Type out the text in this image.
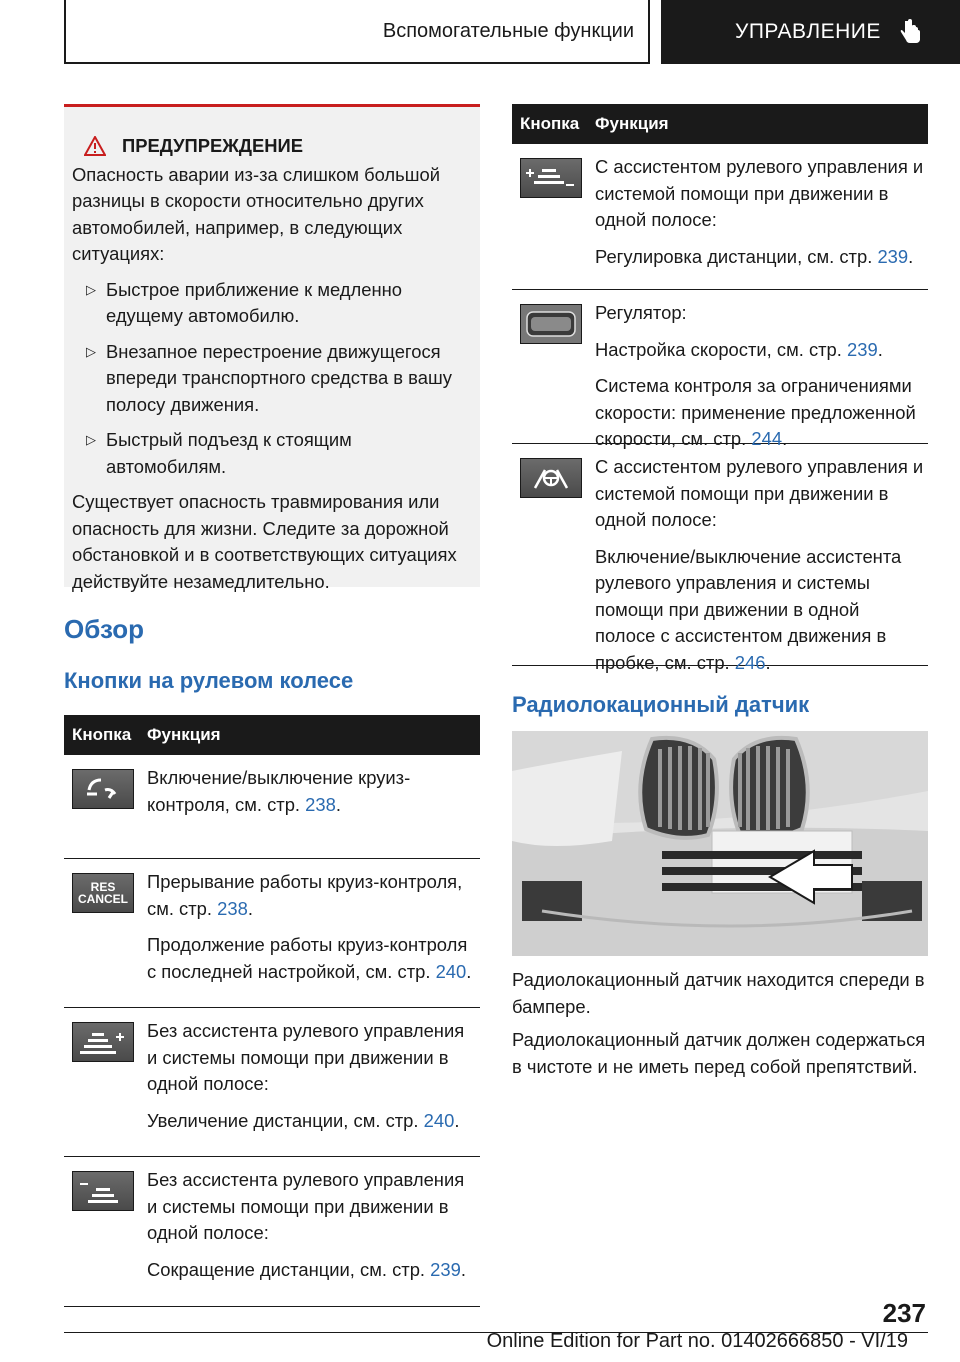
Вспомогательные функции	УПРАВЛЕНИЕ
ПРЕДУПРЕЖДЕНИЕ

Опасность аварии из-за слишком большой разницы в скорости относительно других автомобилей, например, в следующих ситуациях:

▷ Быстрое приближение к медленно едущему автомобилю.
▷ Внезапное перестроение движущегося впереди транспортного средства в вашу полосу движения.
▷ Быстрый подъезд к стоящим автомобилям.

Существует опасность травмирования или опасность для жизни. Следите за дорожной обстановкой и в соответствующих ситуациях действуйте незамедлительно.

Обзор
Кнопки на рулевом колесе
Кнопка Функция

Включение/выключение круиз-контроля, см. стр. 238.

RES
CANCEL

Прерывание работы круиз-контроля, см. стр. 238.

Продолжение работы круиз-контроля с последней настройкой, см. стр. 240.

Без ассистента рулевого управления и системы помощи при движении в одной полосе:

Увеличение дистанции, см. стр. 240.

Без ассистента рулевого управления и системы помощи при движении в одной полосе:

Сокращение дистанции, см. стр. 239.

Кнопка Функция

С ассистентом рулевого управления и системой помощи при движении в одной полосе:

Регулировка дистанции, см. стр. 239.

Регулятор:

Настройка скорости, см. стр. 239.

Система контроля за ограничениями скорости: применение предложенной скорости, см. стр. 244.

С ассистентом рулевого управления и системой помощи при движении в одной полосе:

Включение/выключение ассистента рулевого управления и системы помощи при движении в одной полосе с ассистентом движения в пробке, см. стр. 246.

Радиолокационный датчик

Радиолокационный датчик находится спереди в бампере.

Радиолокационный датчик должен содержаться в чистоте и не иметь перед собой препятствий.

237
Online Edition for Part no. 01402666850 - VI/19
